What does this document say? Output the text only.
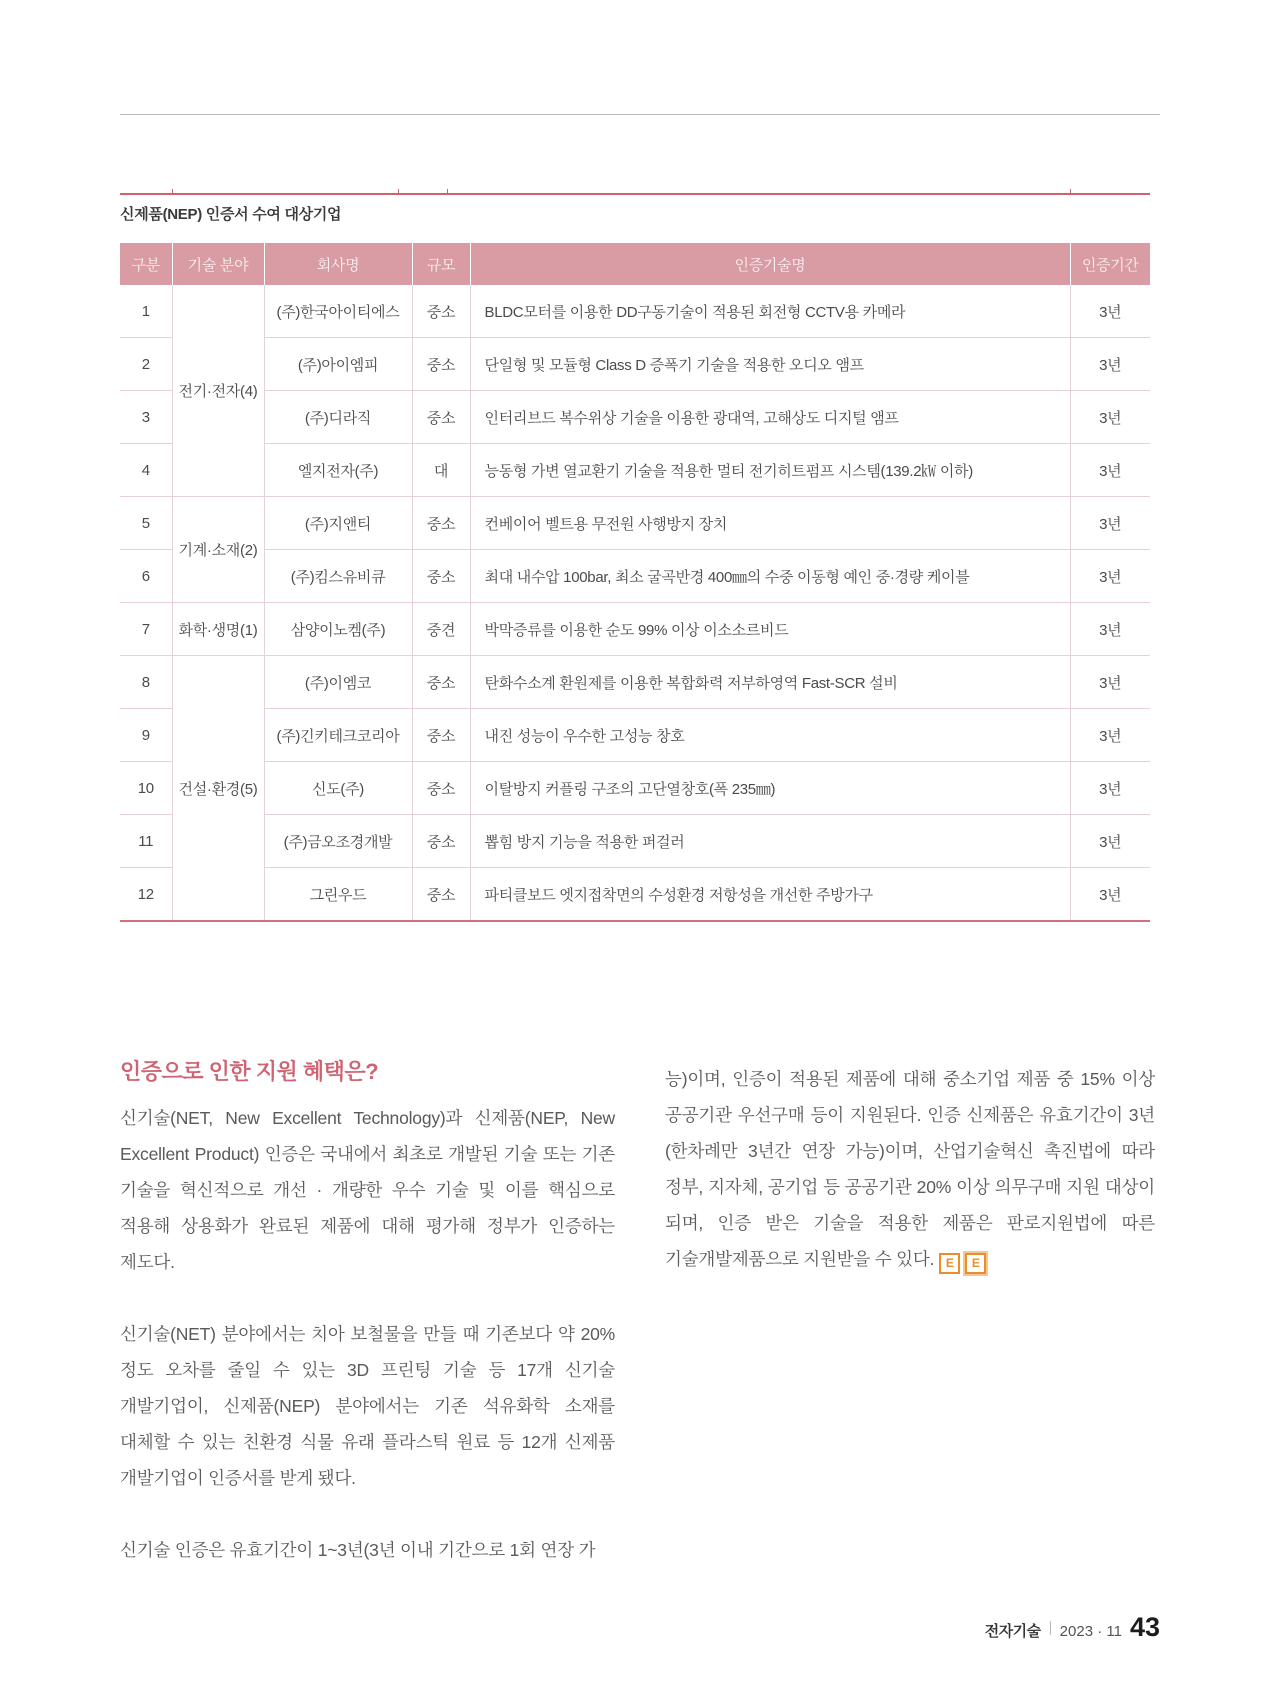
신제품(NEP) 인증서 수여 대상기업
구분	기술 분야	회사명	규모	인증기술명	인증기간
1	전기·전자(4)	(주)한국아이티에스	중소	BLDC모터를 이용한 DD구동기술이 적용된 회전형 CCTV용 카메라	3년
2		(주)아이엠피	중소	단일형 및 모듈형 Class D 증폭기 기술을 적용한 오디오 앰프	3년
3		(주)디라직	중소	인터리브드 복수위상 기술을 이용한 광대역, 고해상도 디지털 앰프	3년
4		엘지전자(주)	대	능동형 가변 열교환기 기술을 적용한 멀티 전기히트펌프 시스템(139.2㎾ 이하)	3년
5	기계·소재(2)	(주)지앤티	중소	컨베이어 벨트용 무전원 사행방지 장치	3년
6		(주)킴스유비큐	중소	최대 내수압 100bar, 최소 굴곡반경 400㎜의 수중 이동형 예인 중·경량 케이블	3년
7	화학·생명(1)	삼양이노켐(주)	중견	박막증류를 이용한 순도 99% 이상 이소소르비드	3년
8	건설·환경(5)	(주)이엠코	중소	탄화수소계 환원제를 이용한 복합화력 저부하영역 Fast-SCR 설비	3년
9		(주)긴키테크코리아	중소	내진 성능이 우수한 고성능 창호	3년
10		신도(주)	중소	이탈방지 커플링 구조의 고단열창호(폭 235㎜)	3년
11		(주)금오조경개발	중소	뽑힘 방지 기능을 적용한 퍼걸러	3년
12		그린우드	중소	파티클보드 엣지접착면의 수성환경 저항성을 개선한 주방가구	3년
인증으로 인한 지원 혜택은?

신기술(NET, New Excellent Technology)과 신제품(NEP, New Excellent Product) 인증은 국내에서 최초로 개발된 기술 또는 기존 기술을 혁신적으로 개선 · 개량한 우수 기술 및 이를 핵심으로 적용해 상용화가 완료된 제품에 대해 평가해 정부가 인증하는 제도다.

신기술(NET) 분야에서는 치아 보철물을 만들 때 기존보다 약 20% 정도 오차를 줄일 수 있는 3D 프린팅 기술 등 17개 신기술 개발기업이, 신제품(NEP) 분야에서는 기존 석유화학 소재를 대체할 수 있는 친환경 식물 유래 플라스틱 원료 등 12개 신제품 개발기업이 인증서를 받게 됐다.

신기술 인증은 유효기간이 1~3년(3년 이내 기간으로 1회 연장 가

능)이며, 인증이 적용된 제품에 대해 중소기업 제품 중 15% 이상 공공기관 우선구매 등이 지원된다. 인증 신제품은 유효기간이 3년(한차례만 3년간 연장 가능)이며, 산업기술혁신 촉진법에 따라 정부, 지자체, 공기업 등 공공기관 20% 이상 의무구매 지원 대상이 되며, 인증 받은 기술을 적용한 제품은 판로지원법에 따른 기술개발제품으로 지원받을 수 있다. E E

전자기술 2023 · 11 43
